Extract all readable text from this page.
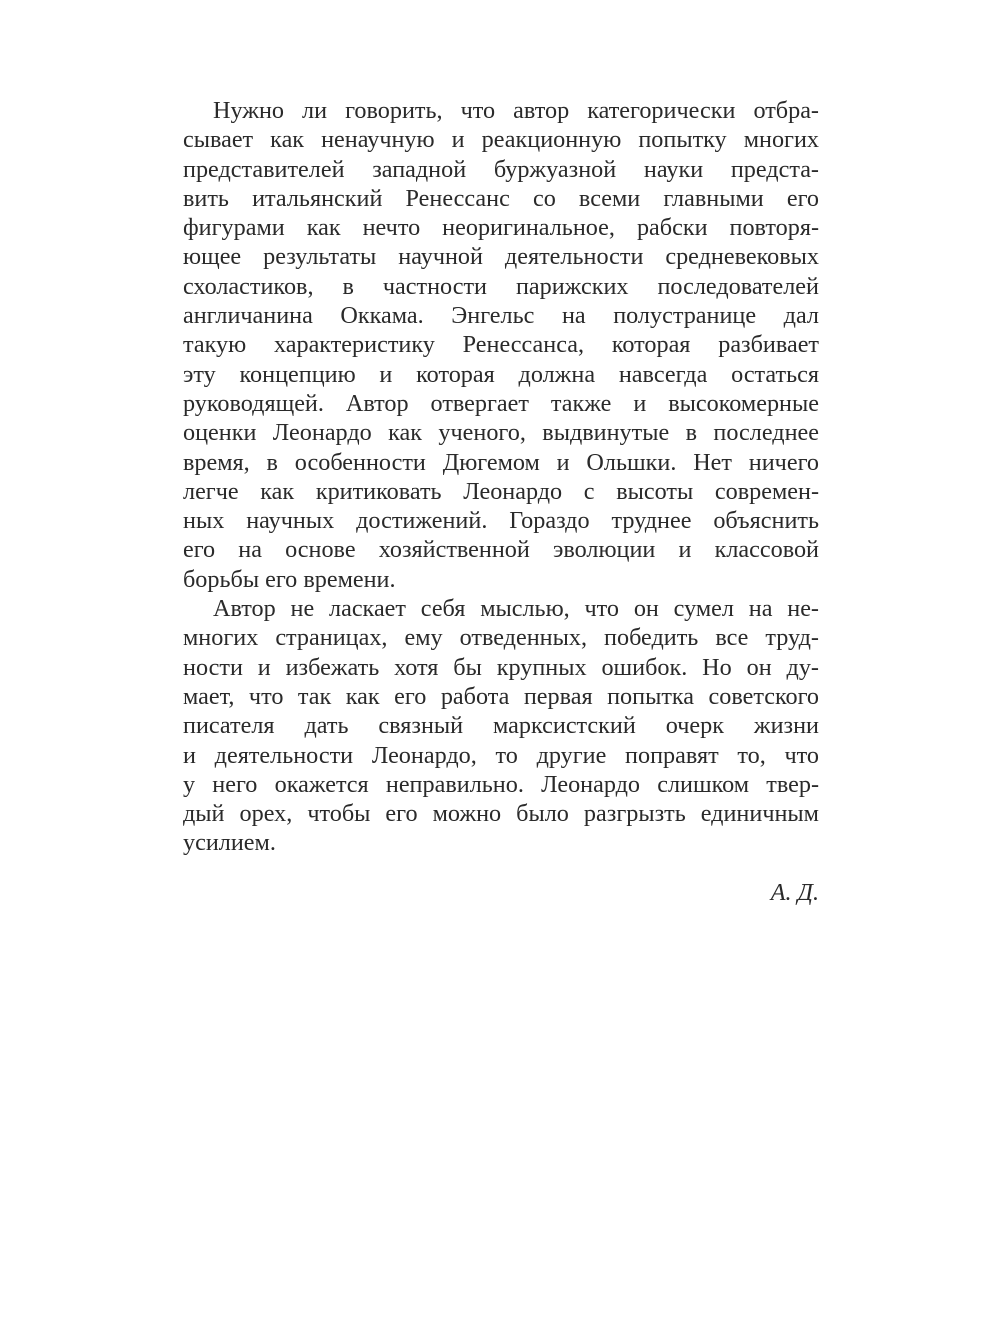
Нужно ли говорить, что автор категорически отбра-
сывает как ненаучную и реакционную попытку многих
представителей западной буржуазной науки предста-
вить итальянский Ренессанс со всеми главными его
фигурами как нечто неоригинальное, рабски повторя-
ющее результаты научной деятельности средневековых
схоластиков, в частности парижских последователей
англичанина Оккама. Энгельс на полустранице дал
такую характеристику Ренессанса, которая разбивает
эту концепцию и которая должна навсегда остаться
руководящей. Автор отвергает также и высокомерные
оценки Леонардо как ученого, выдвинутые в последнее
время, в особенности Дюгемом и Ольшки. Нет ничего
легче как критиковать Леонардо с высоты современ-
ных научных достижений. Гораздо труднее объяснить
его на основе хозяйственной эволюции и классовой
борьбы его времени.
Автор не ласкает себя мыслью, что он сумел на не-
многих страницах, ему отведенных, победить все труд-
ности и избежать хотя бы крупных ошибок. Но он ду-
мает, что так как его работа первая попытка советского
писателя дать связный марксистский очерк жизни
и деятельности Леонардо, то другие поправят то, что
у него окажется неправильно. Леонардо слишком твер-
дый орех, чтобы его можно было разгрызть единичным
усилием.
А. Д.
